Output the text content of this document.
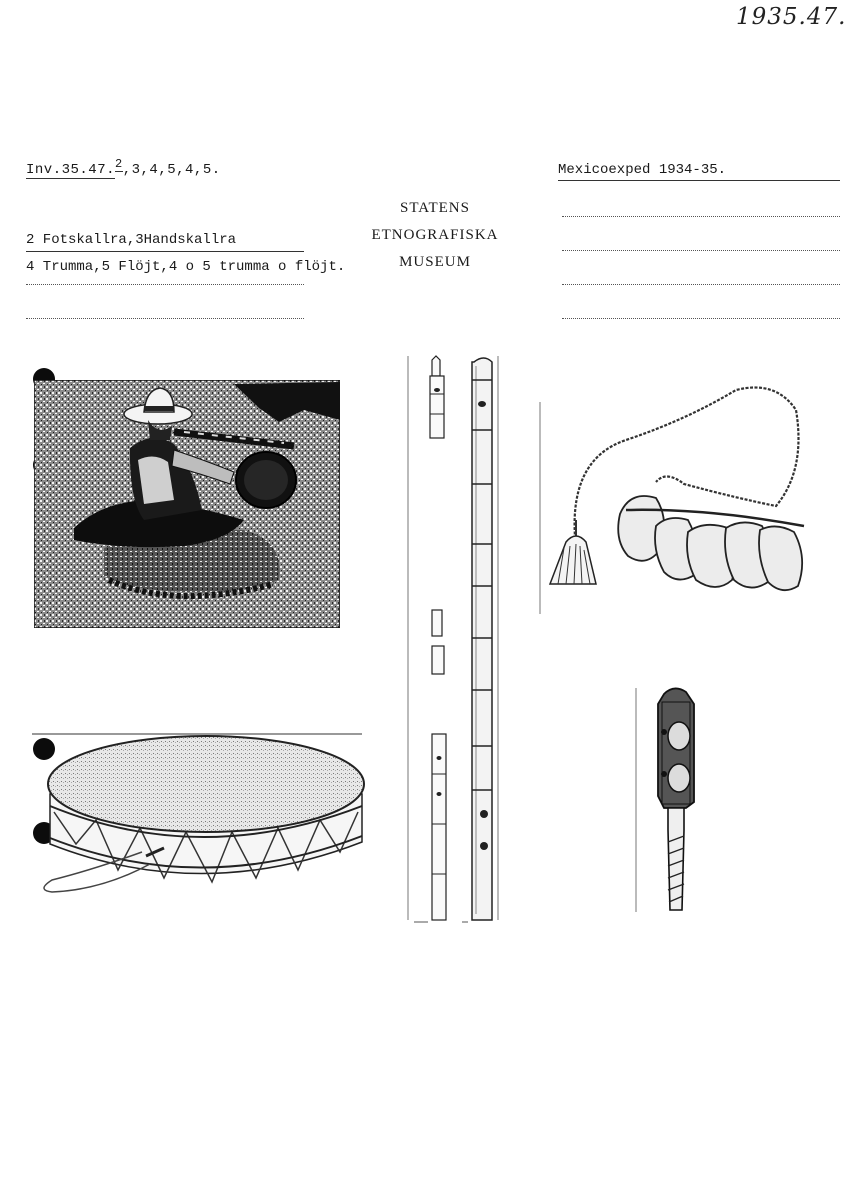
1935.47.
Inv.35.47.2,3,4,5,4,5.	Mexicoexped 1934-35.
STATENS
ETNOGRAFISKA
MUSEUM
2 Fotskallra,3Handskallra
4 Trumma,5 Flöjt,4 o 5 trumma o flöjt.
